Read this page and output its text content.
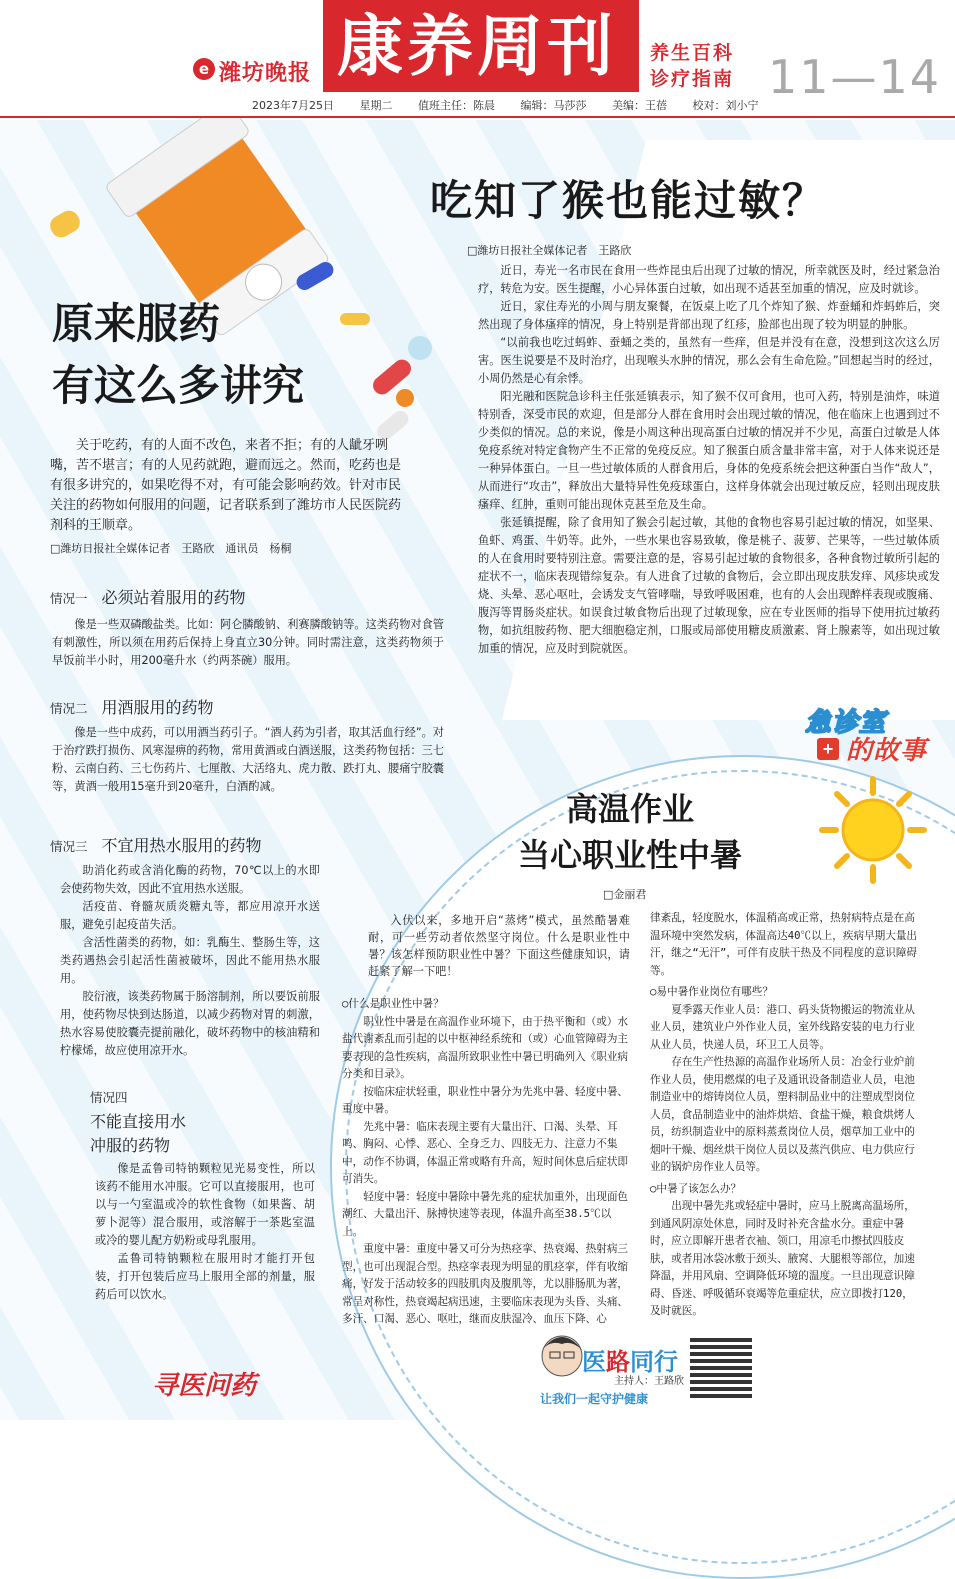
e 潍坊晚报 康养周刊 养生百科
诊疗指南 11—14
2023年7月25日 星期二 值班主任：陈晨 编辑：马莎莎 美编：王蓓 校对：刘小宁
吃知了猴也能过敏？
□潍坊日报社全媒体记者　王路欣

近日，寿光一名市民在食用一些炸昆虫后出现了过敏的情况，所幸就医及时，经过紧急治疗，转危为安。医生提醒，小心异体蛋白过敏，如出现不适甚至加重的情况，应及时就诊。

近日，家住寿光的小周与朋友聚餐，在饭桌上吃了几个炸知了猴、炸蚕蛹和炸蚂蚱后，突然出现了身体瘙痒的情况，身上特别是背部出现了红疹，脸部也出现了较为明显的肿胀。

“以前我也吃过蚂蚱、蚕蛹之类的，虽然有一些痒，但是并没有在意，没想到这次这么厉害。医生说要是不及时治疗，出现喉头水肿的情况，那么会有生命危险。”回想起当时的经过，小周仍然是心有余悸。

阳光融和医院急诊科主任张延镇表示，知了猴不仅可食用，也可入药，特别是油炸，味道特别香，深受市民的欢迎，但是部分人群在食用时会出现过敏的情况，他在临床上也遇到过不少类似的情况。总的来说，像是小周这种出现高蛋白过敏的情况并不少见，高蛋白过敏是人体免疫系统对特定食物产生不正常的免疫反应。知了猴蛋白质含量非常丰富，对于人体来说还是一种异体蛋白。一旦一些过敏体质的人群食用后，身体的免疫系统会把这种蛋白当作“敌人”，从而进行“攻击”，释放出大量特异性免疫球蛋白，这样身体就会出现过敏反应，轻则出现皮肤瘙痒、红肿，重则可能出现休克甚至危及生命。

张延镇提醒，除了食用知了猴会引起过敏，其他的食物也容易引起过敏的情况，如坚果、鱼虾、鸡蛋、牛奶等。此外，一些水果也容易致敏，像是桃子、菠萝、芒果等，一些过敏体质的人在食用时要特别注意。需要注意的是，容易引起过敏的食物很多，各种食物过敏所引起的症状不一，临床表现错综复杂。有人进食了过敏的食物后，会立即出现皮肤发痒、风疹块或发烧、头晕、恶心呕吐，会诱发支气管哮喘，导致呼吸困难，也有的人会出现醉样表现或腹痛、腹泻等胃肠炎症状。如误食过敏食物后出现了过敏现象，应在专业医师的指导下使用抗过敏药物，如抗组胺药物、肥大细胞稳定剂，口服或局部使用糖皮质激素、肾上腺素等，如出现过敏加重的情况，应及时到院就医。

急诊室
+ 的故事
原来服药
有这么多讲究

关于吃药，有的人面不改色，来者不拒；有的人龇牙咧嘴，苦不堪言；有的人见药就跑，避而远之。然而，吃药也是有很多讲究的，如果吃得不对，有可能会影响药效。针对市民关注的药物如何服用的问题，记者联系到了潍坊市人民医院药剂科的王顺章。

□潍坊日报社全媒体记者　王路欣　通讯员　杨桐
情况一 必须站着服用的药物

像是一些双磷酸盐类。比如：阿仑膦酸钠、利赛膦酸钠等。这类药物对食管有刺激性，所以须在用药后保持上身直立30分钟。同时需注意，这类药物须于早饭前半小时，用200毫升水（约两茶碗）服用。

情况二 用酒服用的药物

像是一些中成药，可以用酒当药引子。“酒人药为引者，取其活血行经”。对于治疗跌打损伤、风寒湿痹的药物，常用黄酒或白酒送服，这类药物包括：三七粉、云南白药、三七伤药片、七厘散、大活络丸、虎力散、跌打丸、腰痛宁胶囊等，黄酒一般用15毫升到20毫升，白酒酌减。

情况三 不宜用热水服用的药物

助消化药或含消化酶的药物，70℃以上的水即会使药物失效，因此不宜用热水送服。

活疫苗、脊髓灰质炎糖丸等，都应用凉开水送服，避免引起疫苗失活。

含活性菌类的药物，如：乳酶生、整肠生等，这类药遇热会引起活性菌被破坏，因此不能用热水服用。

胶衍液，该类药物属于肠溶制剂，所以要饭前服用，使药物尽快到达肠道，以减少药物对胃的刺激，热水容易使胶囊壳提前融化，破坏药物中的核油精和柠檬烯，故应使用凉开水。

情况四
不能直接用水
冲服的药物

像是孟鲁司特钠颗粒见光易变性，所以该药不能用水冲服。它可以直接服用，也可以与一勺室温或冷的软性食物（如果酱、胡萝卜泥等）混合服用，或溶解于一茶匙室温或冷的婴儿配方奶粉或母乳服用。

孟鲁司特钠颗粒在服用时才能打开包装，打开包装后应马上服用全部的剂量，服药后可以饮水。

寻医问药
高温作业
当心职业性中暑
□金丽君

入伏以来，多地开启“蒸烤”模式，虽然酷暑难耐，可一些劳动者依然坚守岗位。什么是职业性中暑？该怎样预防职业性中暑？下面这些健康知识，请赶紧了解一下吧！

○什么是职业性中暑？

职业性中暑是在高温作业环境下，由于热平衡和（或）水盐代谢紊乱而引起的以中枢神经系统和（或）心血管障碍为主要表现的急性疾病，高温所致职业性中暑已明确列入《职业病分类和目录》。

按临床症状轻重，职业性中暑分为先兆中暑、轻度中暑、重度中暑。

先兆中暑：临床表现主要有大量出汗、口渴、头晕、耳鸣、胸闷、心悸、恶心、全身乏力、四肢无力、注意力不集中，动作不协调，体温正常或略有升高，短时间休息后症状即可消失。

轻度中暑：轻度中暑除中暑先兆的症状加重外，出现面色潮红、大量出汗、脉搏快速等表现，体温升高至38.5℃以上。

重度中暑：重度中暑又可分为热痉挛、热衰竭、热射病三型，也可出现混合型。热痉挛表现为明显的肌痉挛，伴有收缩痛，好发于活动较多的四肢肌肉及腹肌等，尤以腓肠肌为著，常呈对称性，热衰竭起病迅速，主要临床表现为头昏、头痛、多汗、口渴、恶心、呕吐，继而皮肤湿冷、血压下降、心

律紊乱，轻度脱水，体温稍高或正常，热射病特点是在高温环境中突然发病，体温高达40℃以上，疾病早期大量出汗，继之“无汗”，可伴有皮肤干热及不同程度的意识障碍等。

○易中暑作业岗位有哪些？

夏季露天作业人员：港口、码头货物搬运的物流业从业人员，建筑业户外作业人员，室外线路安装的电力行业从业人员，快递人员，环卫工人员等。

存在生产性热源的高温作业场所人员：冶金行业炉前作业人员，使用燃煤的电子及通讯设备制造业人员，电池制造业中的熔铸岗位人员，塑料制品业中的注塑成型岗位人员，食品制造业中的油炸烘焙、食盐干燥，粮食烘烤人员，纺织制造业中的原料蒸煮岗位人员，烟草加工业中的烟叶干燥、烟丝烘干岗位人员以及蒸汽供应、电力供应行业的锅炉房作业人员等。

○中暑了该怎么办？

出现中暑先兆或轻症中暑时，应马上脱离高温场所，到通风阴凉处休息，同时及时补充含盐水分。重症中暑时，应立即解开患者衣袖、领口，用凉毛巾擦拭四肢皮肤，或者用冰袋冰敷于颈头、腋窝、大腿根等部位，加速降温，并用风扇、空调降低环境的温度。一旦出现意识障碍、昏迷、呼吸循环衰竭等危重症状，应立即拨打120，及时就医。

医路同行
主持人：王路欣
让我们一起守护健康
